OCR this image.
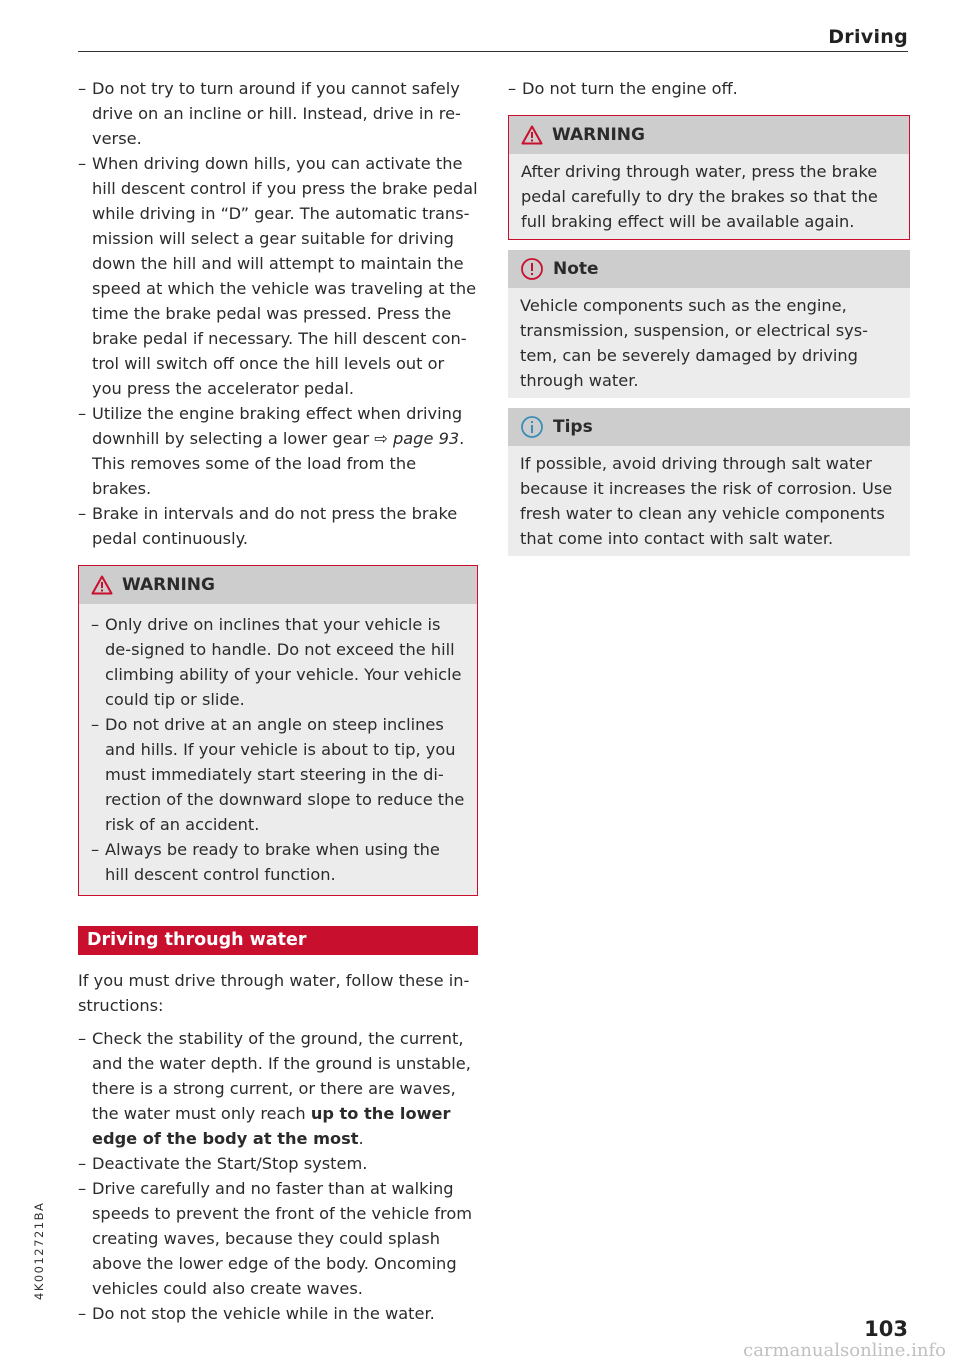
Driving
– Do not try to turn around if you cannot safely drive on an incline or hill. Instead, drive in re-verse.
– When driving down hills, you can activate the hill descent control if you press the brake pedal while driving in “D” gear. The automatic trans-mission will select a gear suitable for driving down the hill and will attempt to maintain the speed at which the vehicle was traveling at the time the brake pedal was pressed. Press the brake pedal if necessary. The hill descent con-trol will switch off once the hill levels out or you press the accelerator pedal.
– Utilize the engine braking effect when driving downhill by selecting a lower gear ⇨ page 93. This removes some of the load from the brakes.
– Brake in intervals and do not press the brake pedal continuously.
WARNING
– Only drive on inclines that your vehicle is de-signed to handle. Do not exceed the hill climbing ability of your vehicle. Your vehicle could tip or slide.
– Do not drive at an angle on steep inclines and hills. If your vehicle is about to tip, you must immediately start steering in the di-rection of the downward slope to reduce the risk of an accident.
– Always be ready to brake when using the hill descent control function.
Driving through water

If you must drive through water, follow these in-structions:

– Check the stability of the ground, the current, and the water depth. If the ground is unstable, there is a strong current, or there are waves, the water must only reach up to the lower edge of the body at the most.
– Deactivate the Start/Stop system.
– Drive carefully and no faster than at walking speeds to prevent the front of the vehicle from creating waves, because they could splash above the lower edge of the body. Oncoming vehicles could also create waves.
– Do not stop the vehicle while in the water.
– Do not turn the engine off.
WARNING

After driving through water, press the brake pedal carefully to dry the brakes so that the full braking effect will be available again.

Note

Vehicle components such as the engine, transmission, suspension, or electrical sys-tem, can be severely damaged by driving through water.

Tips

If possible, avoid driving through salt water because it increases the risk of corrosion. Use fresh water to clean any vehicle components that come into contact with salt water.

4K0012721BA
103
carmanualsonline.info
